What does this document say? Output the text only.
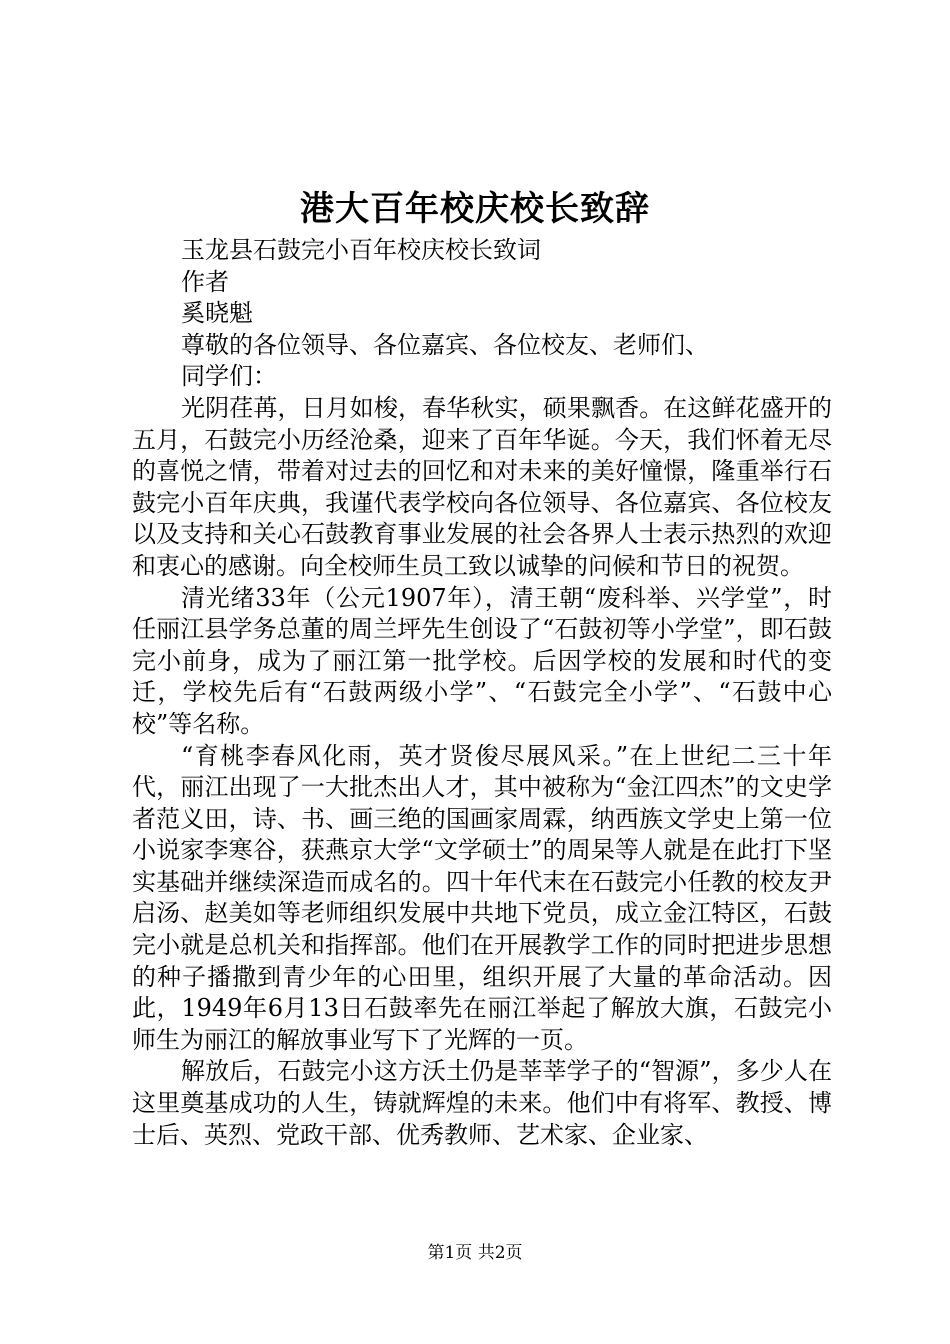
港大百年校庆校长致辞
玉龙县石鼓完小百年校庆校长致词
作者
奚晓魁
尊敬的各位领导、各位嘉宾、各位校友、老师们、
同学们：

光阴荏苒，日月如梭，春华秋实，硕果飘香。在这鲜花盛开的五月，石鼓完小历经沧桑，迎来了百年华诞。今天，我们怀着无尽的喜悦之情，带着对过去的回忆和对未来的美好憧憬，隆重举行石鼓完小百年庆典，我谨代表学校向各位领导、各位嘉宾、各位校友以及支持和关心石鼓教育事业发展的社会各界人士表示热烈的欢迎和衷心的感谢。向全校师生员工致以诚挚的问候和节日的祝贺。

清光绪33年（公元1907年），清王朝“废科举、兴学堂”，时任丽江县学务总董的周兰坪先生创设了“石鼓初等小学堂”，即石鼓完小前身，成为了丽江第一批学校。后因学校的发展和时代的变迁，学校先后有“石鼓两级小学”、“石鼓完全小学”、“石鼓中心校”等名称。

“育桃李春风化雨，英才贤俊尽展风采。”在上世纪二三十年代，丽江出现了一大批杰出人才，其中被称为“金江四杰”的文史学者范义田，诗、书、画三绝的国画家周霖，纳西族文学史上第一位小说家李寒谷，获燕京大学“文学硕士”的周杲等人就是在此打下坚实基础并继续深造而成名的。四十年代末在石鼓完小任教的校友尹启汤、赵美如等老师组织发展中共地下党员，成立金江特区，石鼓完小就是总机关和指挥部。他们在开展教学工作的同时把进步思想的种子播撒到青少年的心田里，组织开展了大量的革命活动。因此，1949年6月13日石鼓率先在丽江举起了解放大旗，石鼓完小师生为丽江的解放事业写下了光辉的一页。

解放后，石鼓完小这方沃土仍是莘莘学子的“智源”，多少人在这里奠基成功的人生，铸就辉煌的未来。他们中有将军、教授、博士后、英烈、党政干部、优秀教师、艺术家、企业家、

第1页 共2页
